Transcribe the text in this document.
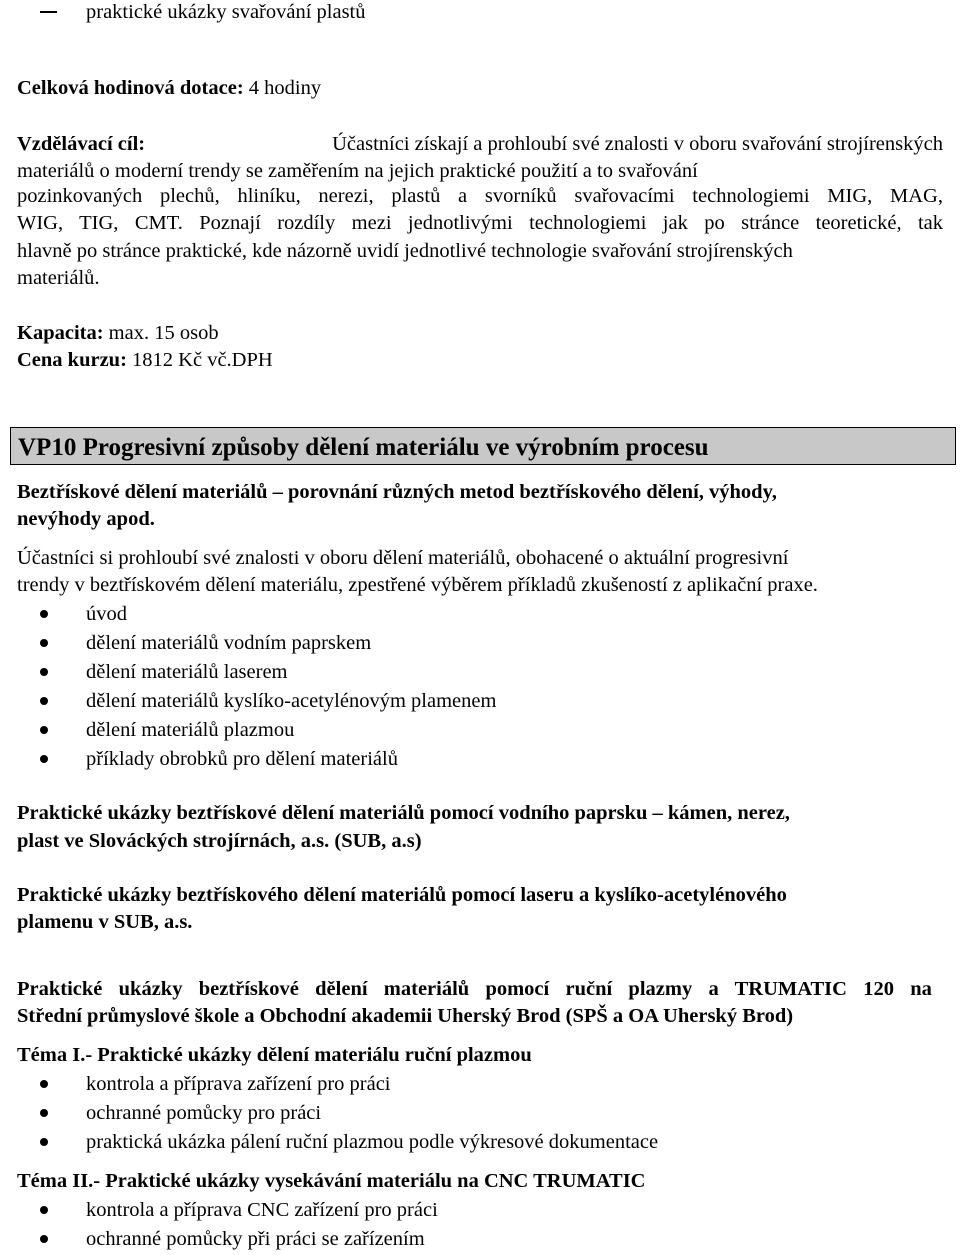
praktické ukázky svařování plastů
Celková hodinová dotace: 4 hodiny
Vzdělávací cíl:	Účastníci získají a prohloubí své znalosti v oboru svařování strojírenských
materiálů o moderní trendy se zaměřením na jejich praktické použití a to svařování
pozinkovaných plechů, hliníku, nerezi, plastů a svorníků svařovacími technologiemi MIG, MAG,
WIG, TIG, CMT. Poznají rozdíly mezi jednotlivými technologiemi jak po stránce teoretické, tak
hlavně po stránce praktické, kde názorně uvidí jednotlivé technologie svařování strojírenských
materiálů.
Kapacita: max. 15 osob
Cena kurzu: 1812 Kč vč.DPH
VP10 Progresivní způsoby dělení materiálu ve výrobním procesu
Beztřískové dělení materiálů – porovnání různých metod beztřískového dělení, výhody,
nevýhody apod.
Účastníci si prohloubí své znalosti v oboru dělení materiálů, obohacené o aktuální progresivní
trendy v beztřískovém dělení materiálu, zpestřené výběrem příkladů zkušeností z aplikační praxe.
úvod
dělení materiálů vodním paprskem
dělení materiálů laserem
dělení materiálů kyslíko-acetylénovým plamenem
dělení materiálů plazmou
příklady obrobků pro dělení materiálů
Praktické ukázky beztřískové dělení materiálů pomocí vodního paprsku – kámen, nerez,
plast ve Slováckých strojírnách, a.s. (SUB, a.s)
Praktické ukázky beztřískového dělení materiálů pomocí laseru a kyslíko-acetylénového
plamenu v SUB, a.s.
Praktické ukázky beztřískové dělení materiálů pomocí ruční plazmy a TRUMATIC 120 na
Střední průmyslové škole a Obchodní akademii Uherský Brod (SPŠ a OA Uherský Brod)
Téma I.- Praktické ukázky dělení materiálu ruční plazmou
kontrola a příprava zařízení pro práci
ochranné pomůcky pro práci
praktická ukázka pálení ruční plazmou podle výkresové dokumentace
Téma II.- Praktické ukázky vysekávání materiálu na CNC TRUMATIC
kontrola a příprava CNC zařízení pro práci
ochranné pomůcky při práci se zařízením
